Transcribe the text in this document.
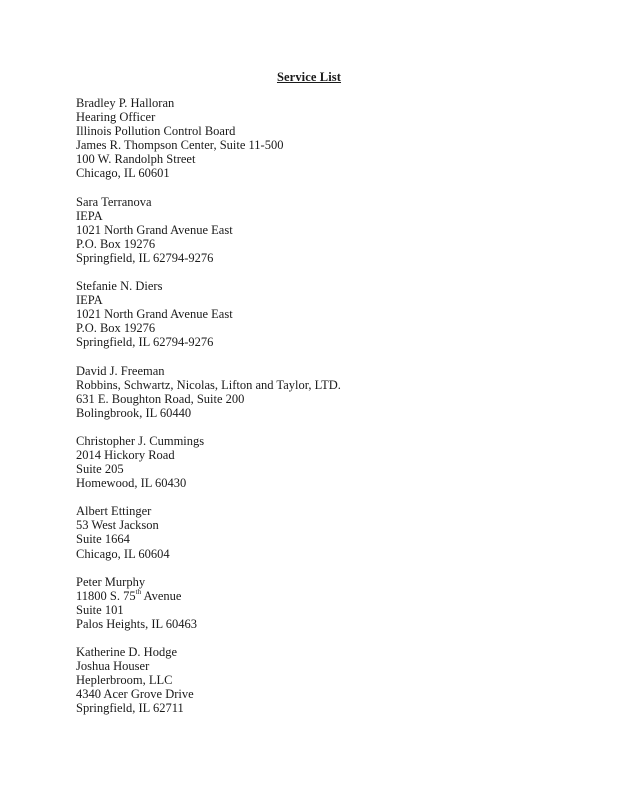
Service List
Bradley P. Halloran
Hearing Officer
Illinois Pollution Control Board
James R. Thompson Center, Suite 11-500
100 W. Randolph Street
Chicago, IL 60601
Sara Terranova
IEPA
1021 North Grand Avenue East
P.O. Box 19276
Springfield, IL 62794-9276
Stefanie N. Diers
IEPA
1021 North Grand Avenue East
P.O. Box 19276
Springfield, IL 62794-9276
David J. Freeman
Robbins, Schwartz, Nicolas, Lifton and Taylor, LTD.
631 E. Boughton Road, Suite 200
Bolingbrook, IL 60440
Christopher J. Cummings
2014 Hickory Road
Suite 205
Homewood, IL 60430
Albert Ettinger
53 West Jackson
Suite 1664
Chicago, IL 60604
Peter Murphy
11800 S. 75th Avenue
Suite 101
Palos Heights, IL 60463
Katherine D. Hodge
Joshua Houser
Heplerbroom, LLC
4340 Acer Grove Drive
Springfield, IL 62711
